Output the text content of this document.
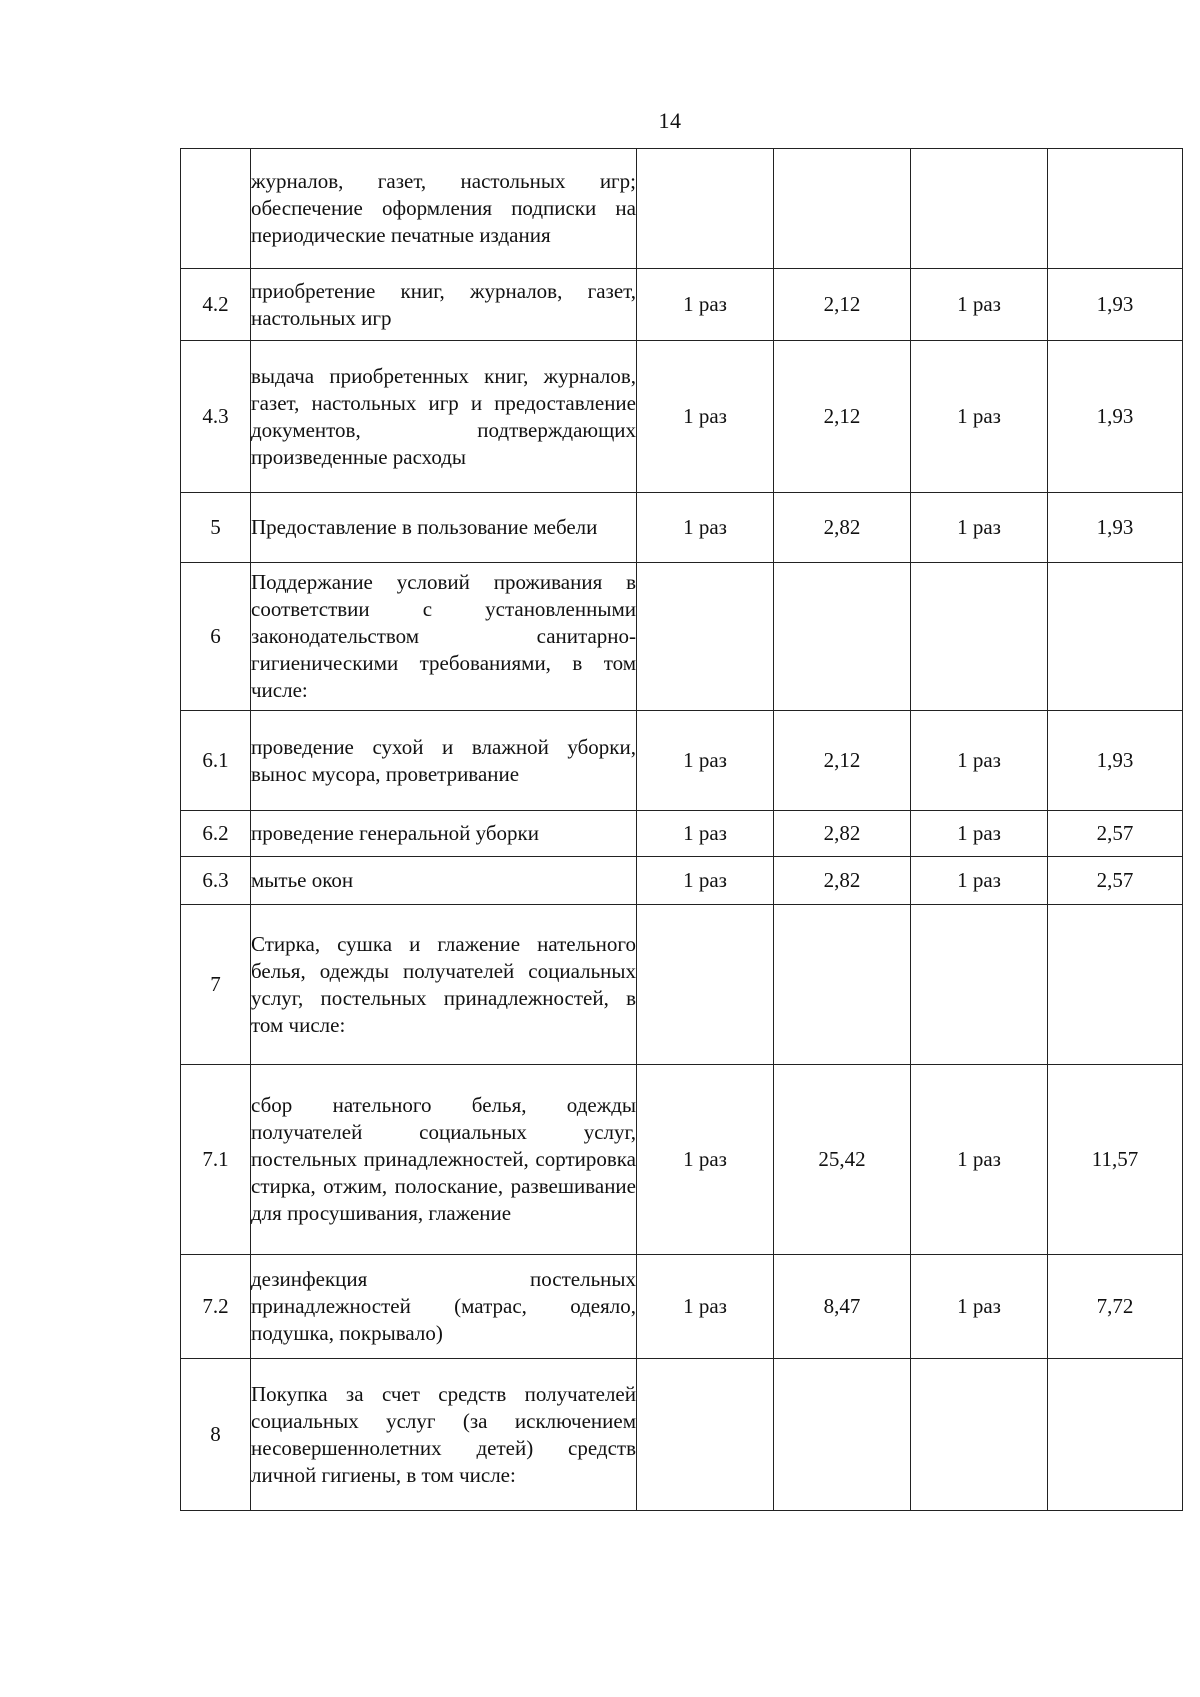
14
	журналов, газет, настольных игр; обеспечение оформления подписки на периодические печатные издания				
4.2	приобретение книг, журналов, газет, настольных игр	1 раз	2,12	1 раз	1,93
4.3	выдача приобретенных книг, журналов, газет, настольных игр и предоставление документов, подтверждающих произведенные расходы	1 раз	2,12	1 раз	1,93
5	Предоставление в пользование мебели	1 раз	2,82	1 раз	1,93
6	Поддержание условий проживания в соответствии с установленными законодательством санитарно-гигиеническими требованиями, в том числе:				
6.1	проведение сухой и влажной уборки, вынос мусора, проветривание	1 раз	2,12	1 раз	1,93
6.2	проведение генеральной уборки	1 раз	2,82	1 раз	2,57
6.3	мытье окон	1 раз	2,82	1 раз	2,57
7	Стирка, сушка и глажение нательного белья, одежды получателей социальных услуг, постельных принадлежностей, в том числе:				
7.1	сбор нательного белья, одежды получателей социальных услуг, постельных принадлежностей, сортировка стирка, отжим, полоскание, развешивание для просушивания, глажение	1 раз	25,42	1 раз	11,57
7.2	дезинфекция постельных принадлежностей (матрас, одеяло, подушка, покрывало)	1 раз	8,47	1 раз	7,72
8	Покупка за счет средств получателей социальных услуг (за исключением несовершеннолетних детей) средств личной гигиены, в том числе:				
